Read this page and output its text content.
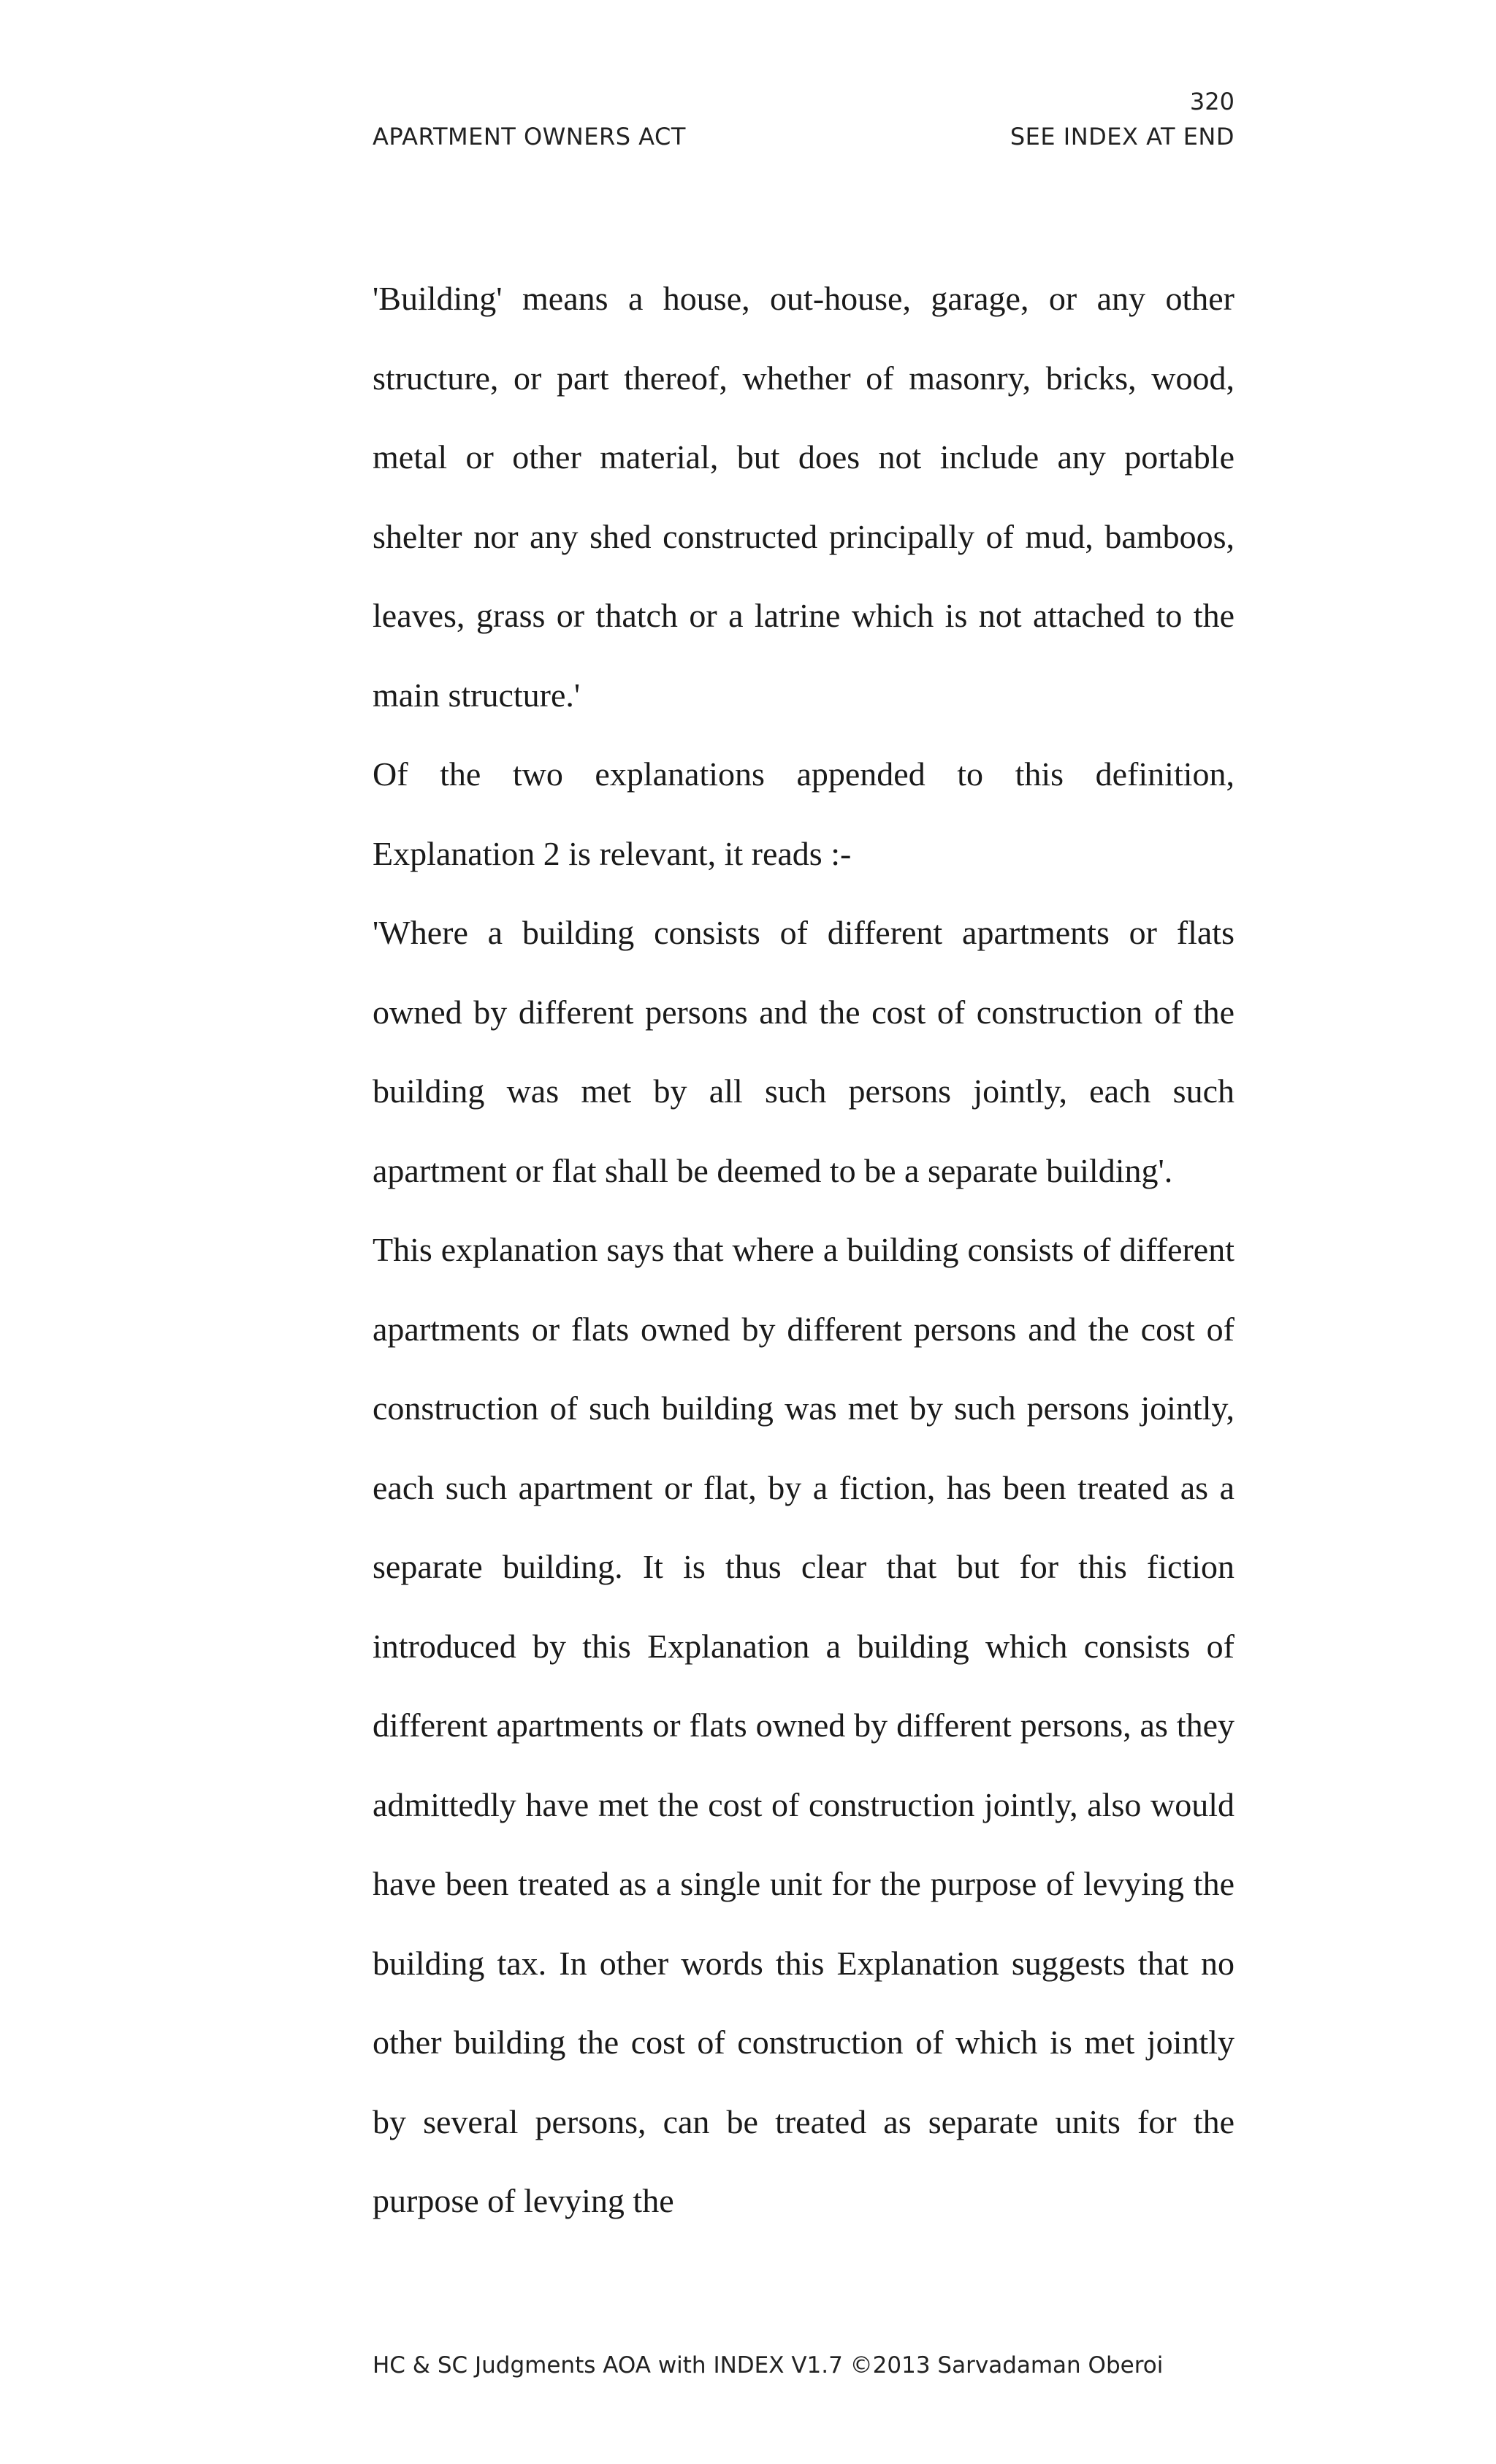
320
APARTMENT OWNERS ACT	SEE INDEX AT END

'Building' means a house, out-house, garage, or any other structure, or part thereof, whether of masonry, bricks, wood, metal or other material, but does not include any portable shelter nor any shed constructed principally of mud, bamboos, leaves, grass or thatch or a latrine which is not attached to the main structure.'

Of the two explanations appended to this definition, Explanation 2 is relevant, it reads :-

'Where a building consists of different apartments or flats owned by different persons and the cost of construction of the building was met by all such persons jointly, each such apartment or flat shall be deemed to be a separate building'.

This explanation says that where a building consists of different apartments or flats owned by different persons and the cost of construction of such building was met by such persons jointly, each such apartment or flat, by a fiction, has been treated as a separate building. It is thus clear that but for this fiction introduced by this Explanation a building which consists of different apartments or flats owned by different persons, as they admittedly have met the cost of construction jointly, also would have been treated as a single unit for the purpose of levying the building tax. In other words this Explanation suggests that no other building the cost of construction of which is met jointly by several persons, can be treated as separate units for the purpose of levying the

HC & SC Judgments AOA with INDEX V1.7 ©2013 Sarvadaman Oberoi
